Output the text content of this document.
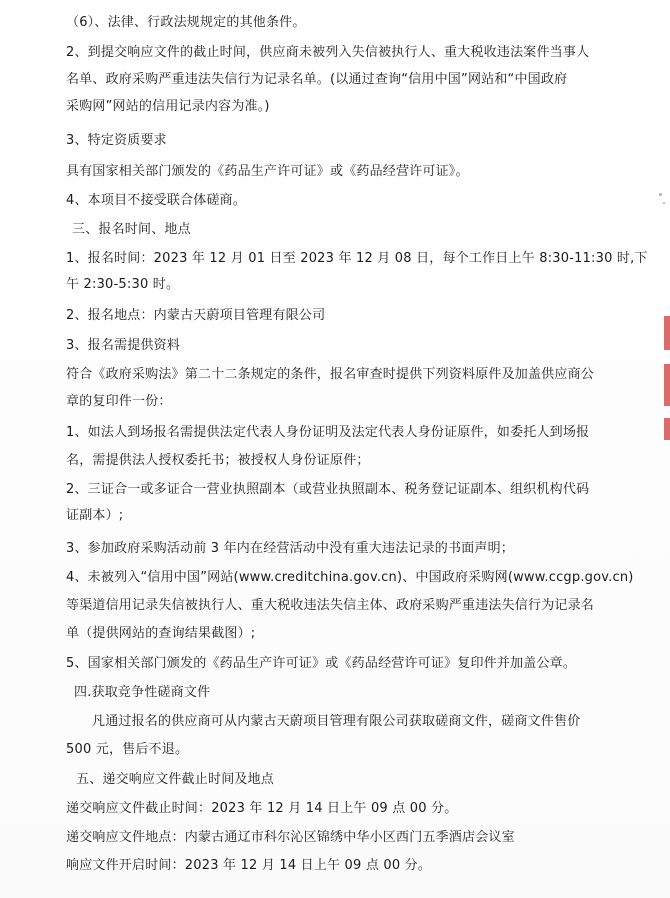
（6）、法律、行政法规规定的其他条件。
2、到提交响应文件的截止时间，供应商未被列入失信被执行人、重大税收违法案件当事人
名单、政府采购严重违法失信行为记录名单。(以通过查询“信用中国”网站和“中国政府
采购网”网站的信用记录内容为准。)
3、特定资质要求
具有国家相关部门颁发的《药品生产许可证》或《药品经营许可证》。
4、本项目不接受联合体磋商。
三、报名时间、地点
1、报名时间：2023 年 12 月 01 日至 2023 年 12 月 08 日，每个工作日上午 8:30-11:30 时,下
午 2:30-5:30 时。
2、报名地点：内蒙古天蔚项目管理有限公司
3、报名需提供资料
符合《政府采购法》第二十二条规定的条件，报名审查时提供下列资料原件及加盖供应商公
章的复印件一份：
1、如法人到场报名需提供法定代表人身份证明及法定代表人身份证原件，如委托人到场报
名，需提供法人授权委托书；被授权人身份证原件；
2、三证合一或多证合一营业执照副本（或营业执照副本、税务登记证副本、组织机构代码
证副本）;
3、参加政府采购活动前 3 年内在经营活动中没有重大违法记录的书面声明；
4、未被列入“信用中国”网站(www.creditchina.gov.cn)、中国政府采购网(www.ccgp.gov.cn)
等渠道信用记录失信被执行人、重大税收违法失信主体、政府采购严重违法失信行为记录名
单（提供网站的查询结果截图）;
5、国家相关部门颁发的《药品生产许可证》或《药品经营许可证》复印件并加盖公章。
四.获取竞争性磋商文件
凡通过报名的供应商可从内蒙古天蔚项目管理有限公司获取磋商文件，磋商文件售价
500 元，售后不退。
五、递交响应文件截止时间及地点
递交响应文件截止时间：2023 年 12 月 14 日上午 09 点 00 分。
递交响应文件地点：内蒙古通辽市科尔沁区锦绣中华小区西门五季酒店会议室
响应文件开启时间：2023 年 12 月 14 日上午 09 点 00 分。
